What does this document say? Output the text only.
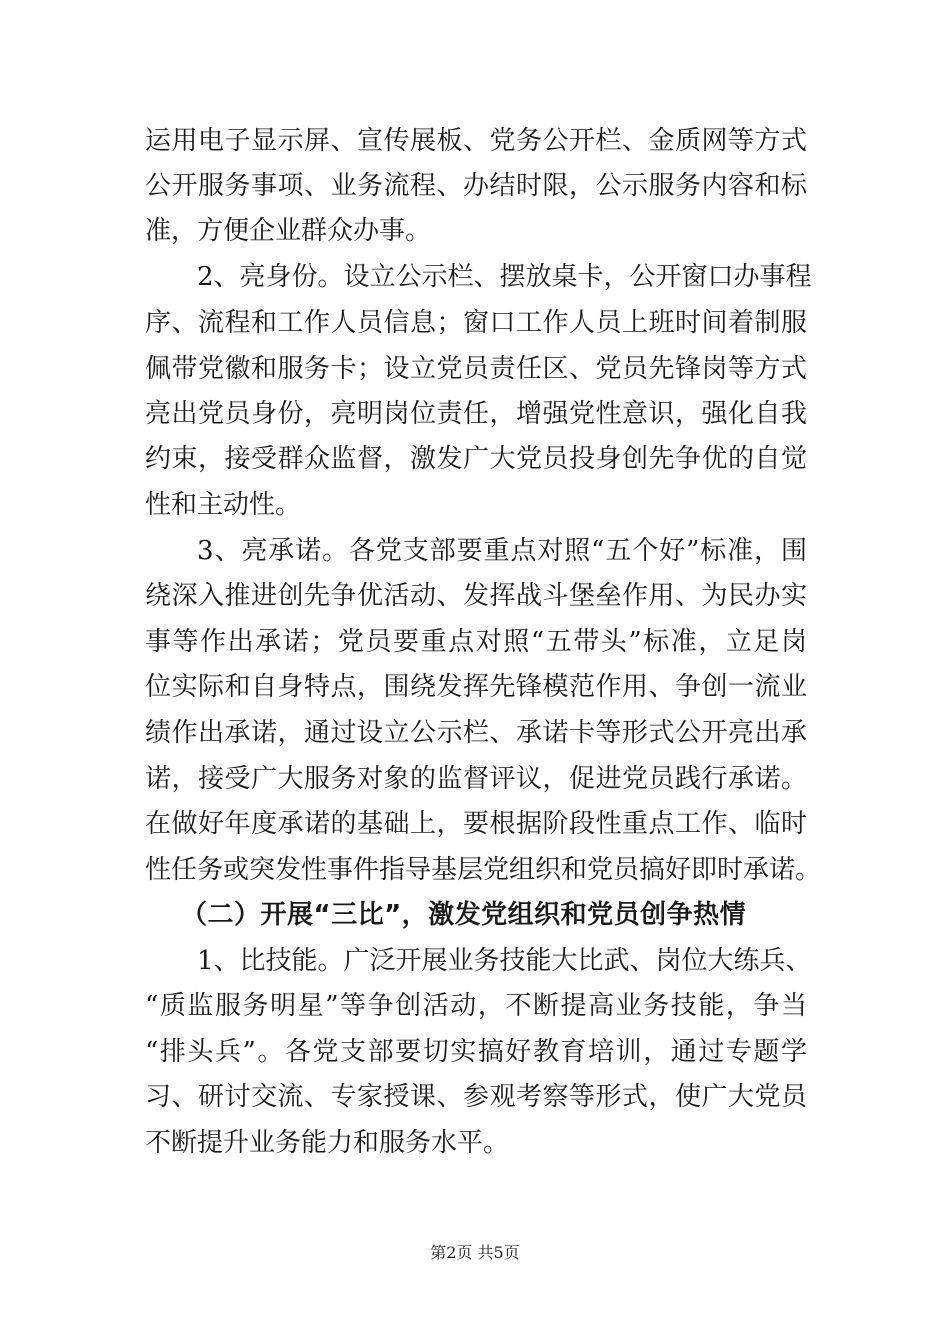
运用电子显示屏、宣传展板、党务公开栏、金质网等方式
公开服务事项、业务流程、办结时限，公示服务内容和标
准，方便企业群众办事。
2、亮身份。设立公示栏、摆放桌卡，公开窗口办事程
序、流程和工作人员信息；窗口工作人员上班时间着制服
佩带党徽和服务卡；设立党员责任区、党员先锋岗等方式
亮出党员身份，亮明岗位责任，增强党性意识，强化自我
约束，接受群众监督，激发广大党员投身创先争优的自觉
性和主动性。
3、亮承诺。各党支部要重点对照“五个好”标准，围
绕深入推进创先争优活动、发挥战斗堡垒作用、为民办实
事等作出承诺；党员要重点对照“五带头”标准，立足岗
位实际和自身特点，围绕发挥先锋模范作用、争创一流业
绩作出承诺，通过设立公示栏、承诺卡等形式公开亮出承
诺，接受广大服务对象的监督评议，促进党员践行承诺。
在做好年度承诺的基础上，要根据阶段性重点工作、临时
性任务或突发性事件指导基层党组织和党员搞好即时承诺。
（二）开展“三比”，激发党组织和党员创争热情
1、比技能。广泛开展业务技能大比武、岗位大练兵、
“质监服务明星”等争创活动，不断提高业务技能，争当
“排头兵”。各党支部要切实搞好教育培训，通过专题学
习、研讨交流、专家授课、参观考察等形式，使广大党员
不断提升业务能力和服务水平。
第2页 共5页
